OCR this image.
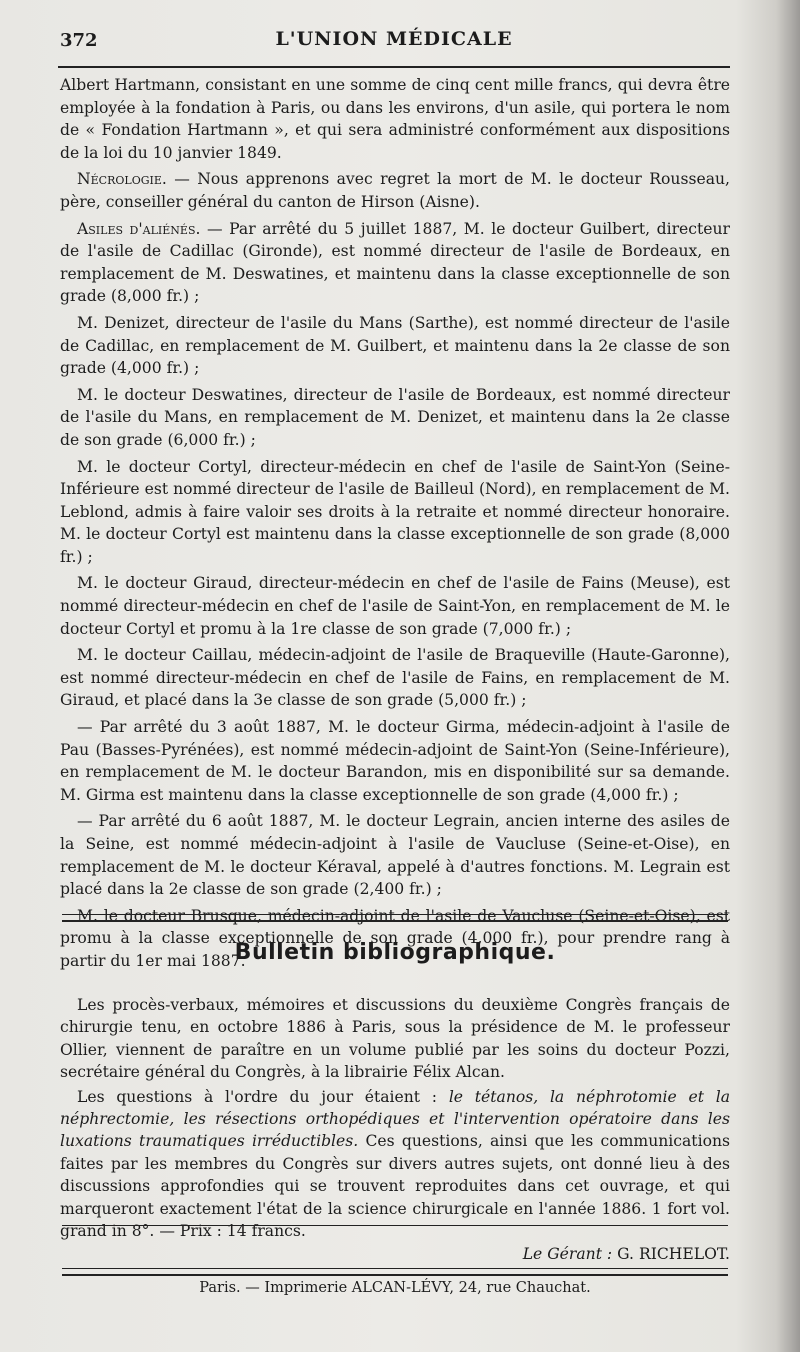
372	L'UNION MÉDICALE

Albert Hartmann, consistant en une somme de cinq cent mille francs, qui devra être employée à la fondation à Paris, ou dans les environs, d'un asile, qui portera le nom de « Fondation Hartmann », et qui sera administré conformément aux dispositions de la loi du 10 janvier 1849.

Nécrologie. — Nous apprenons avec regret la mort de M. le docteur Rousseau, père, conseiller général du canton de Hirson (Aisne).

Asiles d'aliénés. — Par arrêté du 5 juillet 1887, M. le docteur Guilbert, directeur de l'asile de Cadillac (Gironde), est nommé directeur de l'asile de Bordeaux, en remplacement de M. Deswatines, et maintenu dans la classe exceptionnelle de son grade (8,000 fr.) ;

M. Denizet, directeur de l'asile du Mans (Sarthe), est nommé directeur de l'asile de Cadillac, en remplacement de M. Guilbert, et maintenu dans la 2e classe de son grade (4,000 fr.) ;

M. le docteur Deswatines, directeur de l'asile de Bordeaux, est nommé directeur de l'asile du Mans, en remplacement de M. Denizet, et maintenu dans la 2e classe de son grade (6,000 fr.) ;

M. le docteur Cortyl, directeur-médecin en chef de l'asile de Saint-Yon (Seine-Inférieure est nommé directeur de l'asile de Bailleul (Nord), en remplacement de M. Leblond, admis à faire valoir ses droits à la retraite et nommé directeur honoraire. M. le docteur Cortyl est maintenu dans la classe exceptionnelle de son grade (8,000 fr.) ;

M. le docteur Giraud, directeur-médecin en chef de l'asile de Fains (Meuse), est nommé directeur-médecin en chef de l'asile de Saint-Yon, en remplacement de M. le docteur Cortyl et promu à la 1re classe de son grade (7,000 fr.) ;

M. le docteur Caillau, médecin-adjoint de l'asile de Braqueville (Haute-Garonne), est nommé directeur-médecin en chef de l'asile de Fains, en remplacement de M. Giraud, et placé dans la 3e classe de son grade (5,000 fr.) ;

— Par arrêté du 3 août 1887, M. le docteur Girma, médecin-adjoint à l'asile de Pau (Basses-Pyrénées), est nommé médecin-adjoint de Saint-Yon (Seine-Inférieure), en remplacement de M. le docteur Barandon, mis en disponibilité sur sa demande. M. Girma est maintenu dans la classe exceptionnelle de son grade (4,000 fr.) ;

— Par arrêté du 6 août 1887, M. le docteur Legrain, ancien interne des asiles de la Seine, est nommé médecin-adjoint à l'asile de Vaucluse (Seine-et-Oise), en remplacement de M. le docteur Kéraval, appelé à d'autres fonctions. M. Legrain est placé dans la 2e classe de son grade (2,400 fr.) ;

M. le docteur Brusque, médecin-adjoint de l'asile de Vaucluse (Seine-et-Oise), est promu à la classe exceptionnelle de son grade (4,000 fr.), pour prendre rang à partir du 1er mai 1887.

Bulletin bibliographique.

Les procès-verbaux, mémoires et discussions du deuxième Congrès français de chirurgie tenu, en octobre 1886 à Paris, sous la présidence de M. le professeur Ollier, viennent de paraître en un volume publié par les soins du docteur Pozzi, secrétaire général du Congrès, à la librairie Félix Alcan.

Les questions à l'ordre du jour étaient : le tétanos, la néphrotomie et la néphrectomie, les résections orthopédiques et l'intervention opératoire dans les luxations traumatiques irréductibles. Ces questions, ainsi que les communications faites par les membres du Congrès sur divers autres sujets, ont donné lieu à des discussions approfondies qui se trouvent reproduites dans cet ouvrage, et qui marqueront exactement l'état de la science chirurgicale en l'année 1886. 1 fort vol. grand in 8°. — Prix : 14 francs.

Le Gérant : G. RICHELOT.
Paris. — Imprimerie ALCAN-LÉVY, 24, rue Chauchat.
